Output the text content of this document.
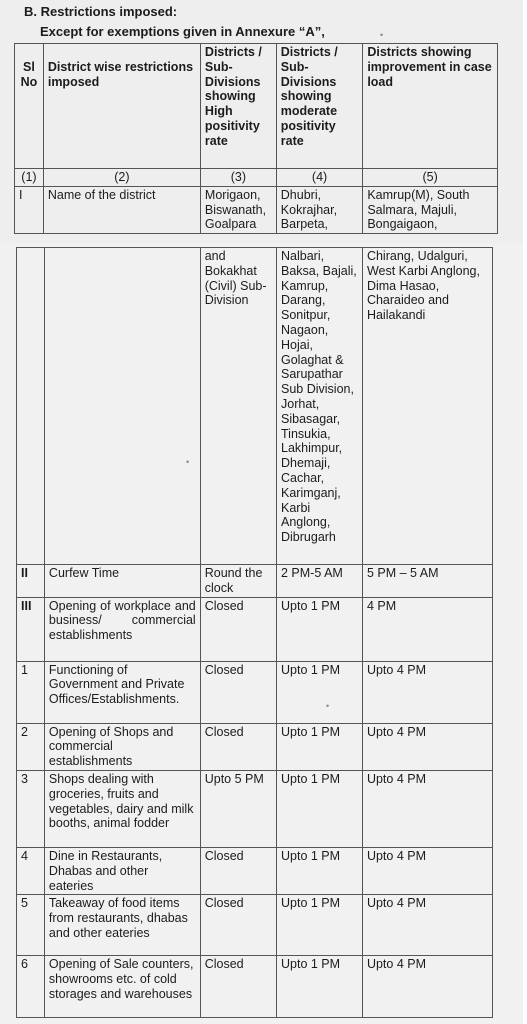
B. Restrictions imposed:
Except for exemptions given in Annexure “A”,	•
Sl No	District wise restrictions imposed	Districts / Sub-Divisions showing High positivity rate	Districts / Sub-Divisions showing moderate positivity rate	Districts showing improvement in case load
(1)	(2)	(3)	(4)	(5)
I	Name of the district	Morigaon, Biswanath, Goalpara	Dhubri, Kokrajhar, Barpeta,	Kamrup(M), South Salmara, Majuli, Bongaigaon,
•
•
		and Bokakhat (Civil) Sub-Division	Nalbari, Baksa, Bajali, Kamrup, Darang, Sonitpur, Nagaon, Hojai, Golaghat & Sarupathar Sub Division, Jorhat, Sibasagar, Tinsukia, Lakhimpur, Dhemaji, Cachar, Karimganj, Karbi Anglong, Dibrugarh	Chirang, Udalguri, West Karbi Anglong, Dima Hasao, Charaideo and Hailakandi
II	Curfew Time	Round the clock	2 PM-5 AM	5 PM – 5 AM
III	Opening of workplace and business/ commercial establishments	Closed	Upto 1 PM	4 PM
1	Functioning of Government and Private Offices/Establishments.	Closed	Upto 1 PM	Upto 4 PM
2	Opening of Shops and commercial establishments	Closed	Upto 1 PM	Upto 4 PM
3	Shops dealing with groceries, fruits and vegetables, dairy and milk booths, animal fodder	Upto 5 PM	Upto 1 PM	Upto 4 PM
4	Dine in Restaurants, Dhabas and other eateries	Closed	Upto 1 PM	Upto 4 PM
5	Takeaway of food items from restaurants, dhabas and other eateries	Closed	Upto 1 PM	Upto 4 PM
6	Opening of Sale counters, showrooms etc. of cold storages and warehouses	Closed	Upto 1 PM	Upto 4 PM
